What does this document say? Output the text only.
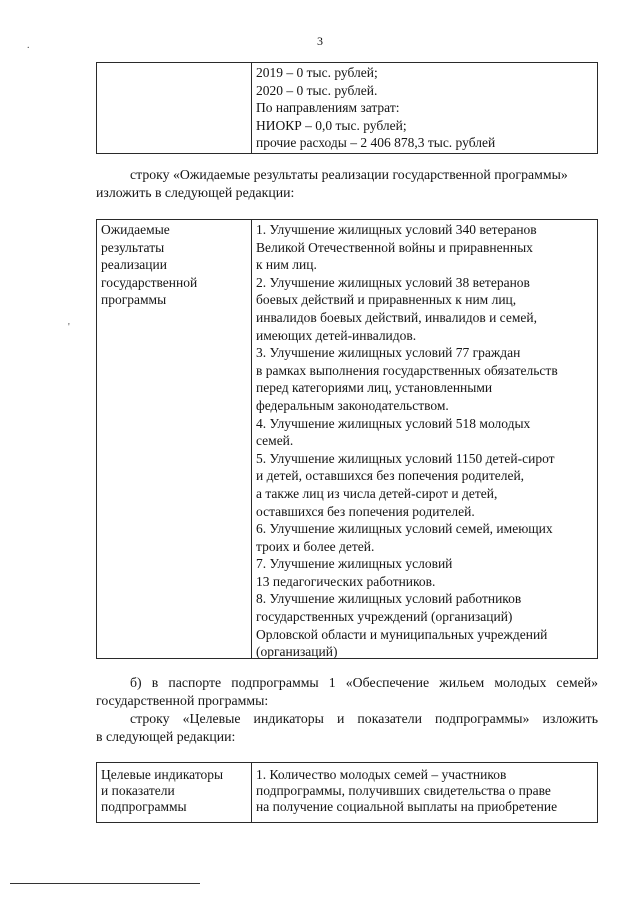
3
.
'
2019 – 0 тыс. рублей;
2020 – 0 тыс. рублей.
По направлениям затрат:
НИОКР – 0,0 тыс. рублей;
прочие расходы – 2 406 878,3 тыс. рублей
строку «Ожидаемые результаты реализации государственной программы»
изложить в следующей редакции:
Ожидаемые
результаты
реализации
государственной
программы
1. Улучшение жилищных условий 340 ветеранов
Великой Отечественной войны и приравненных
к ним лиц.
2. Улучшение жилищных условий 38 ветеранов
боевых действий и приравненных к ним лиц,
инвалидов боевых действий, инвалидов и семей,
имеющих детей-инвалидов.
3. Улучшение жилищных условий 77 граждан
в рамках выполнения государственных обязательств
перед категориями лиц, установленными
федеральным законодательством.
4. Улучшение жилищных условий 518 молодых
семей.
5. Улучшение жилищных условий 1150 детей-сирот
и детей, оставшихся без попечения родителей,
а также лиц из числа детей-сирот и детей,
оставшихся без попечения родителей.
6. Улучшение жилищных условий семей, имеющих
троих и более детей.
7. Улучшение жилищных условий
13 педагогических работников.
8. Улучшение жилищных условий работников
государственных учреждений (организаций)
Орловской области и муниципальных учреждений
(организаций)
б) в паспорте подпрограммы 1 «Обеспечение жильем молодых семей»
государственной программы:
строку «Целевые индикаторы и показатели подпрограммы» изложить
в следующей редакции:
Целевые индикаторы
и показатели
подпрограммы
1. Количество молодых семей – участников
подпрограммы, получивших свидетельства о праве
на получение социальной выплаты на приобретение
